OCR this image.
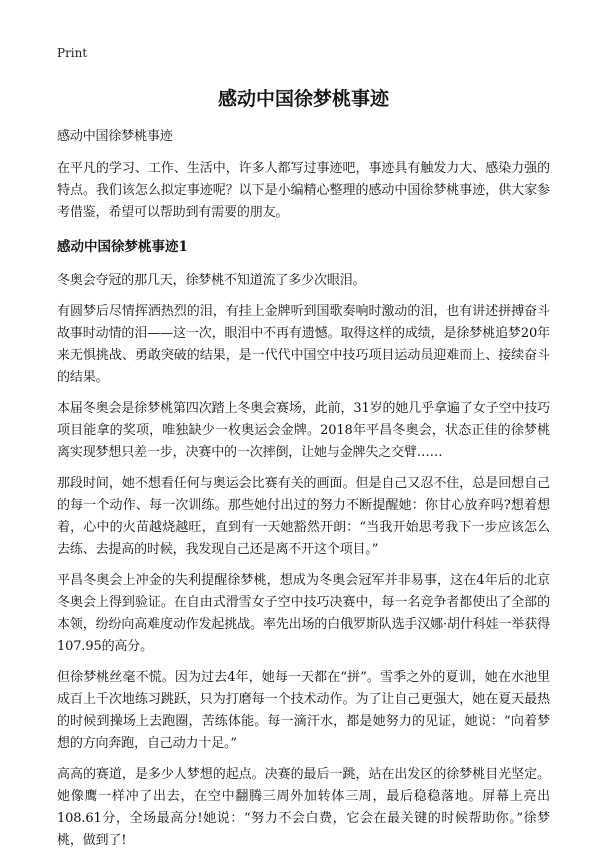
Print
感动中国徐梦桃事迹

感动中国徐梦桃事迹

在平凡的学习、工作、生活中，许多人都写过事迹吧，事迹具有触发力大、感染力强的特点。我们该怎么拟定事迹呢？以下是小编精心整理的感动中国徐梦桃事迹，供大家参考借鉴，希望可以帮助到有需要的朋友。

感动中国徐梦桃事迹1

冬奥会夺冠的那几天，徐梦桃不知道流了多少次眼泪。

有圆梦后尽情挥洒热烈的泪，有挂上金牌听到国歌奏响时激动的泪，也有讲述拼搏奋斗故事时动情的泪——这一次，眼泪中不再有遗憾。取得这样的成绩，是徐梦桃追梦20年来无惧挑战、勇敢突破的结果，是一代代中国空中技巧项目运动员迎难而上、接续奋斗的结果。

本届冬奥会是徐梦桃第四次踏上冬奥会赛场，此前，31岁的她几乎拿遍了女子空中技巧项目能拿的奖项，唯独缺少一枚奥运会金牌。2018年平昌冬奥会，状态正佳的徐梦桃离实现梦想只差一步，决赛中的一次摔倒，让她与金牌失之交臂……

那段时间，她不想看任何与奥运会比赛有关的画面。但是自己又忍不住，总是回想自己的每一个动作、每一次训练。那些她付出过的努力不断提醒她：你甘心放弃吗?想着想着，心中的火苗越烧越旺，直到有一天她豁然开朗：“当我开始思考我下一步应该怎么去练、去提高的时候，我发现自己还是离不开这个项目。”

平昌冬奥会上冲金的失利提醒徐梦桃，想成为冬奥会冠军并非易事，这在4年后的北京冬奥会上得到验证。在自由式滑雪女子空中技巧决赛中，每一名竞争者都使出了全部的本领，纷纷向高难度动作发起挑战。率先出场的白俄罗斯队选手汉娜·胡什科娃一举获得107.95的高分。

但徐梦桃丝毫不慌。因为过去4年，她每一天都在“拼”。雪季之外的夏训，她在水池里成百上千次地练习跳跃，只为打磨每一个技术动作。为了让自己更强大，她在夏天最热的时候到操场上去跑圈，苦练体能。每一滴汗水，都是她努力的见证，她说：“向着梦想的方向奔跑，自己动力十足。”

高高的赛道，是多少人梦想的起点。决赛的最后一跳，站在出发区的徐梦桃目光坚定。她像鹰一样冲了出去，在空中翻腾三周外加转体三周，最后稳稳落地。屏幕上亮出108.61分，全场最高分!她说：“努力不会白费，它会在最关键的时候帮助你。”徐梦桃，做到了!
